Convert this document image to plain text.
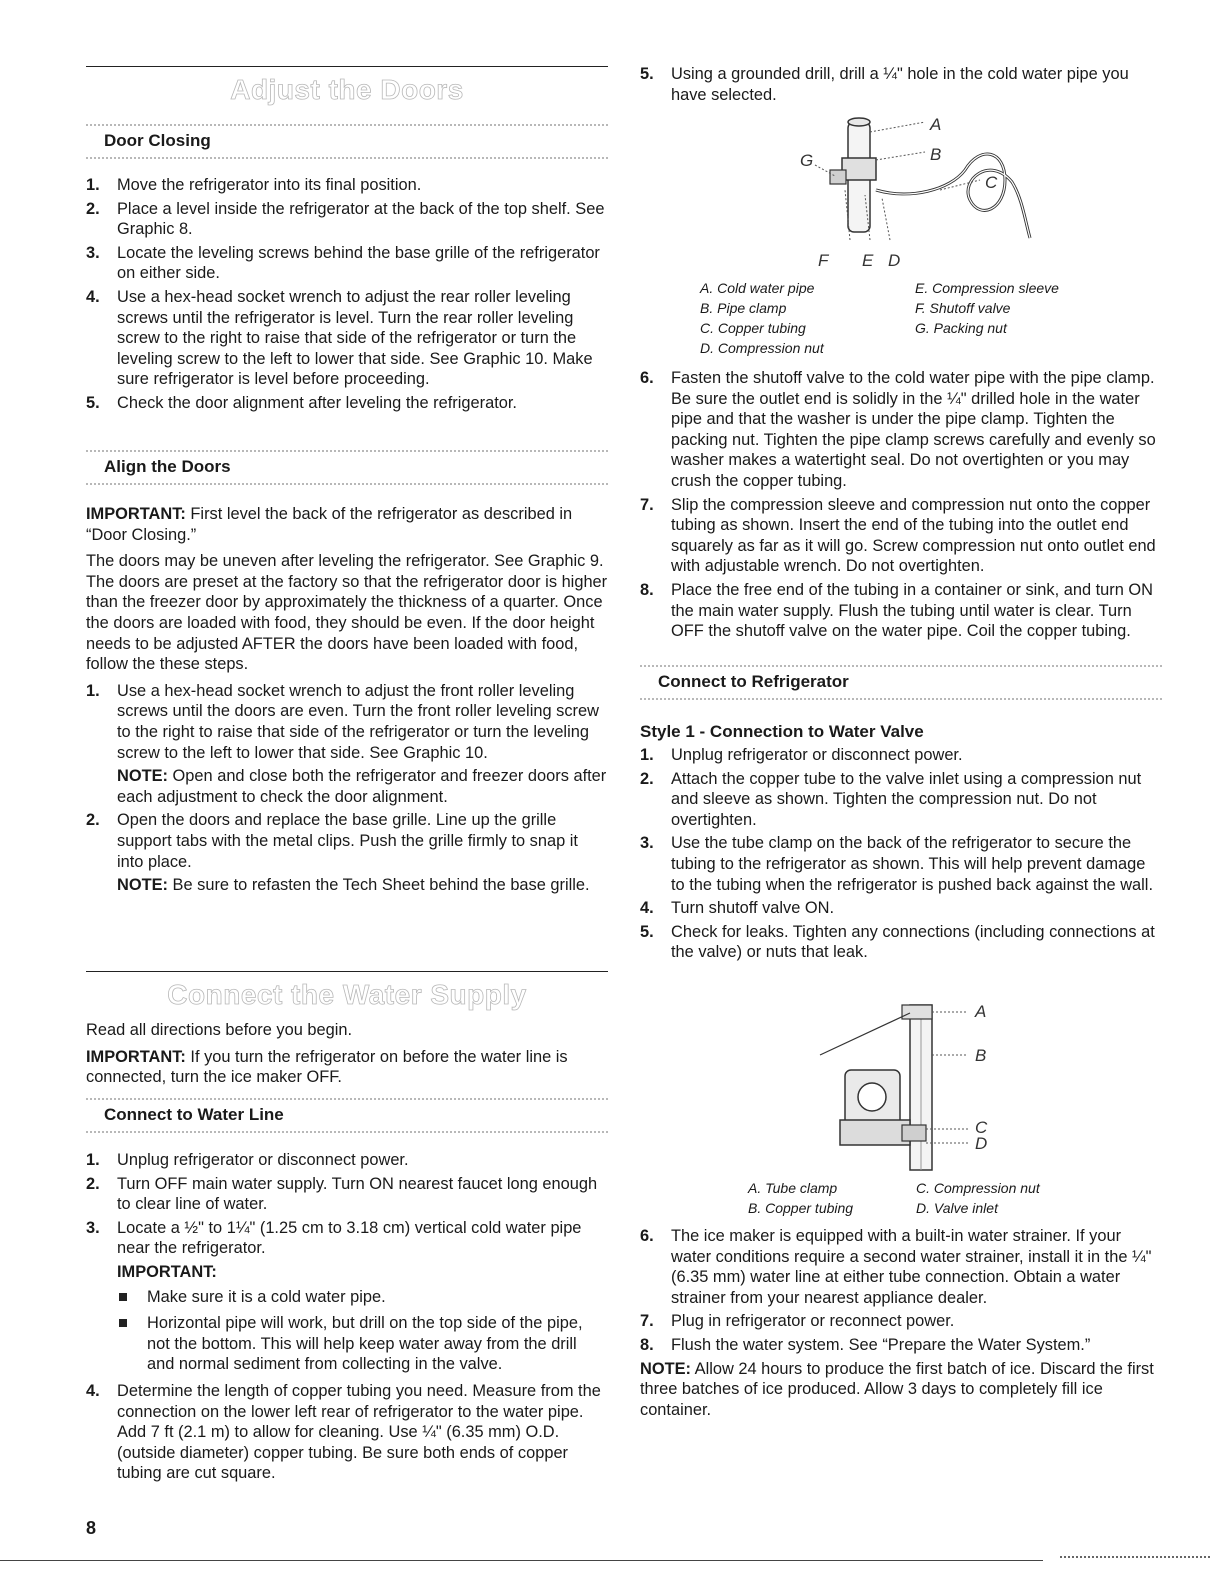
Adjust the Doors
Door Closing
1. Move the refrigerator into its final position.
2. Place a level inside the refrigerator at the back of the top shelf. See Graphic 8.
3. Locate the leveling screws behind the base grille of the refrigerator on either side.
4. Use a hex-head socket wrench to adjust the rear roller leveling screws until the refrigerator is level. Turn the rear roller leveling screw to the right to raise that side of the refrigerator or turn the leveling screw to the left to lower that side. See Graphic 10. Make sure refrigerator is level before proceeding.
5. Check the door alignment after leveling the refrigerator.
Align the Doors

IMPORTANT: First level the back of the refrigerator as described in “Door Closing.”

The doors may be uneven after leveling the refrigerator. See Graphic 9. The doors are preset at the factory so that the refrigerator door is higher than the freezer door by approximately the thickness of a quarter. Once the doors are loaded with food, they should be even. If the door height needs to be adjusted AFTER the doors have been loaded with food, follow the these steps.

1. Use a hex-head socket wrench to adjust the front roller leveling screws until the doors are even. Turn the front roller leveling screw to the right to raise that side of the refrigerator or turn the leveling screw to the left to lower that side. See Graphic 10.
NOTE: Open and close both the refrigerator and freezer doors after each adjustment to check the door alignment.
2. Open the doors and replace the base grille. Line up the grille support tabs with the metal clips. Push the grille firmly to snap it into place.
NOTE: Be sure to refasten the Tech Sheet behind the base grille.
Connect the Water Supply

Read all directions before you begin.

IMPORTANT: If you turn the refrigerator on before the water line is connected, turn the ice maker OFF.

Connect to Water Line
1. Unplug refrigerator or disconnect power.
2. Turn OFF main water supply. Turn ON nearest faucet long enough to clear line of water.
3. Locate a ½" to 1¼" (1.25 cm to 3.18 cm) vertical cold water pipe near the refrigerator.
IMPORTANT:
Make sure it is a cold water pipe.
Horizontal pipe will work, but drill on the top side of the pipe, not the bottom. This will help keep water away from the drill and normal sediment from collecting in the valve.
4. Determine the length of copper tubing you need. Measure from the connection on the lower left rear of refrigerator to the water pipe. Add 7 ft (2.1 m) to allow for cleaning. Use ¼" (6.35 mm) O.D. (outside diameter) copper tubing. Be sure both ends of copper tubing are cut square.
8
5. Using a grounded drill, drill a ¼" hole in the cold water pipe you have selected.
A
B
C
D
E
F
G
A. Cold water pipe
B. Pipe clamp
C. Copper tubing
D. Compression nut
E. Compression sleeve
F. Shutoff valve
G. Packing nut
6. Fasten the shutoff valve to the cold water pipe with the pipe clamp. Be sure the outlet end is solidly in the ¼" drilled hole in the water pipe and that the washer is under the pipe clamp. Tighten the packing nut. Tighten the pipe clamp screws carefully and evenly so washer makes a watertight seal. Do not overtighten or you may crush the copper tubing.
7. Slip the compression sleeve and compression nut onto the copper tubing as shown. Insert the end of the tubing into the outlet end squarely as far as it will go. Screw compression nut onto outlet end with adjustable wrench. Do not overtighten.
8. Place the free end of the tubing in a container or sink, and turn ON the main water supply. Flush the tubing until water is clear. Turn OFF the shutoff valve on the water pipe. Coil the copper tubing.
Connect to Refrigerator
Style 1 - Connection to Water Valve
1. Unplug refrigerator or disconnect power.
2. Attach the copper tube to the valve inlet using a compression nut and sleeve as shown. Tighten the compression nut. Do not overtighten.
3. Use the tube clamp on the back of the refrigerator to secure the tubing to the refrigerator as shown. This will help prevent damage to the tubing when the refrigerator is pushed back against the wall.
4. Turn shutoff valve ON.
5. Check for leaks. Tighten any connections (including connections at the valve) or nuts that leak.
A
B
C
D
A. Tube clamp
B. Copper tubing
C. Compression nut
D. Valve inlet
6. The ice maker is equipped with a built-in water strainer. If your water conditions require a second water strainer, install it in the ¼" (6.35 mm) water line at either tube connection. Obtain a water strainer from your nearest appliance dealer.
7. Plug in refrigerator or reconnect power.
8. Flush the water system. See “Prepare the Water System.”

NOTE: Allow 24 hours to produce the first batch of ice. Discard the first three batches of ice produced. Allow 3 days to completely fill ice container.
